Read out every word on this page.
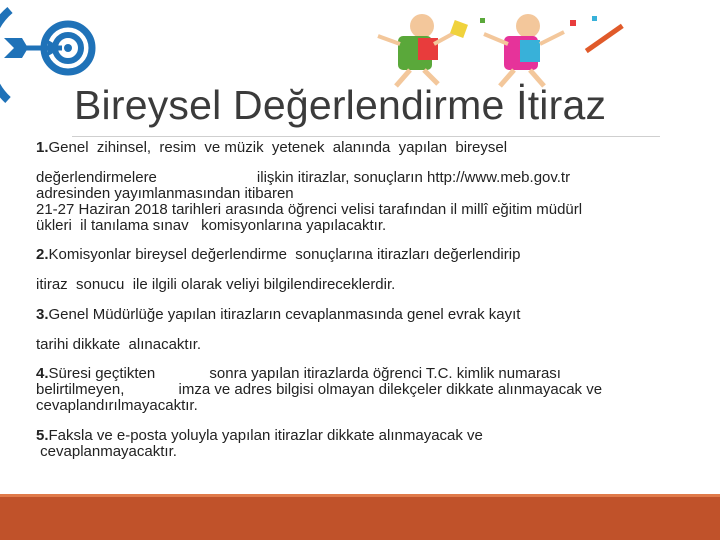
Bireysel Değerlendirme İtiraz
1.Genel  zihinsel,  resim  ve müzik  yetenek  alanında  yapılan  bireysel
değerlendirmelere                        ilişkin itirazlar, sonuçların http://www.meb.gov.tr
adresinden yayımlanmasından itibaren
21-27 Haziran 2018 tarihleri arasında öğrenci velisi tarafından il millî eğitim müdürl
ükleri  il tanılama sınav   komisyonlarına yapılacaktır.
2.Komisyonlar bireysel değerlendirme  sonuçlarına itirazları değerlendirip
itiraz  sonucu  ile ilgili olarak veliyi bilgilendireceklerdir.
3.Genel Müdürlüğe yapılan itirazların cevaplanmasında genel evrak kayıt
tarihi dikkate  alınacaktır.
4.Süresi geçtikten             sonra yapılan itirazlarda öğrenci T.C. kimlik numarası
belirtilmeyen,             imza ve adres bilgisi olmayan dilekçeler dikkate alınmayacak ve
cevaplandırılmayacaktır.
5.Faksla ve e-posta yoluyla yapılan itirazlar dikkate alınmayacak ve
cevaplanmayacaktır.
